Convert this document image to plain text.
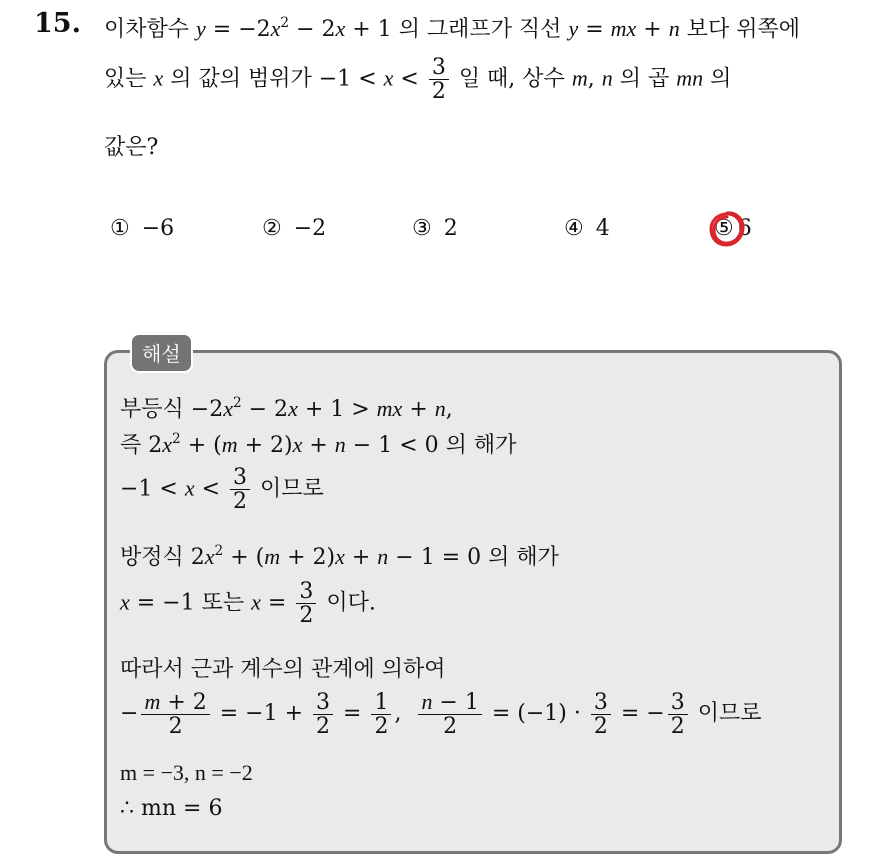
15. 이차함수 $y = -2x^2 - 2x + 1$ 의 그래프가 직선 y = mx + n 보다 위쪽에
있는 x 의 값의 범위가 $-1 < x < \frac{3}{2}$ 일 때, 상수 m, n 의 곱 mn 의
값은?
① −6	② −2	③ 2	④ 4	⑤ 6
해설
부등식 $-2x^2 - 2x + 1$ > mx + n,
즉 $2x^2 + (m + 2)x + n - 1 < 0$ 의 해가
$-1 < x < \frac{3}{2}$ 이므로
방정식 $2x^2 + (m + 2)x + n - 1 = 0$ 의 해가
x = −1 또는 $x = \frac{3}{2}$ 이다.
따라서 근과 계수의 관계에 의하여
− $\frac{m + 2}{2} = -1 + \frac{3}{2} = \frac{1}{2}$ , $\frac{n - 1}{2} = (-1) \cdot \frac{3}{2}$ = − $\frac{3}{2}$ 이므로
m = −3, n = −2
∴ mn = 6
